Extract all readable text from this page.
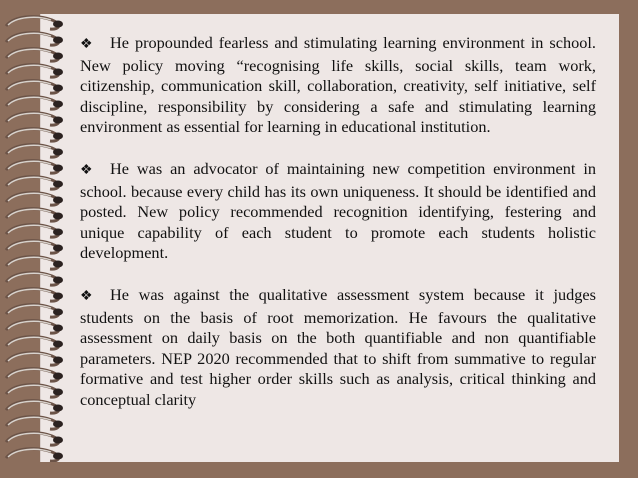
❖ He propounded fearless and stimulating learning environment in school. New policy moving “recognising life skills, social skills, team work, citizenship, communication skill, collaboration, creativity, self initiative, self discipline, responsibility by considering a safe and stimulating learning environment as essential for learning in educational institution.

❖ He was an advocator of maintaining new competition environment in school. because every child has its own uniqueness. It should be identified and posted. New policy recommended recognition identifying, festering and unique capability of each student to promote each students holistic development.

❖ He was against the qualitative assessment system because it judges students on the basis of root memorization. He favours the qualitative assessment on daily basis on the both quantifiable and non quantifiable parameters. NEP 2020 recommended that to shift from summative to regular formative and test higher order skills such as analysis, critical thinking and conceptual clarity
